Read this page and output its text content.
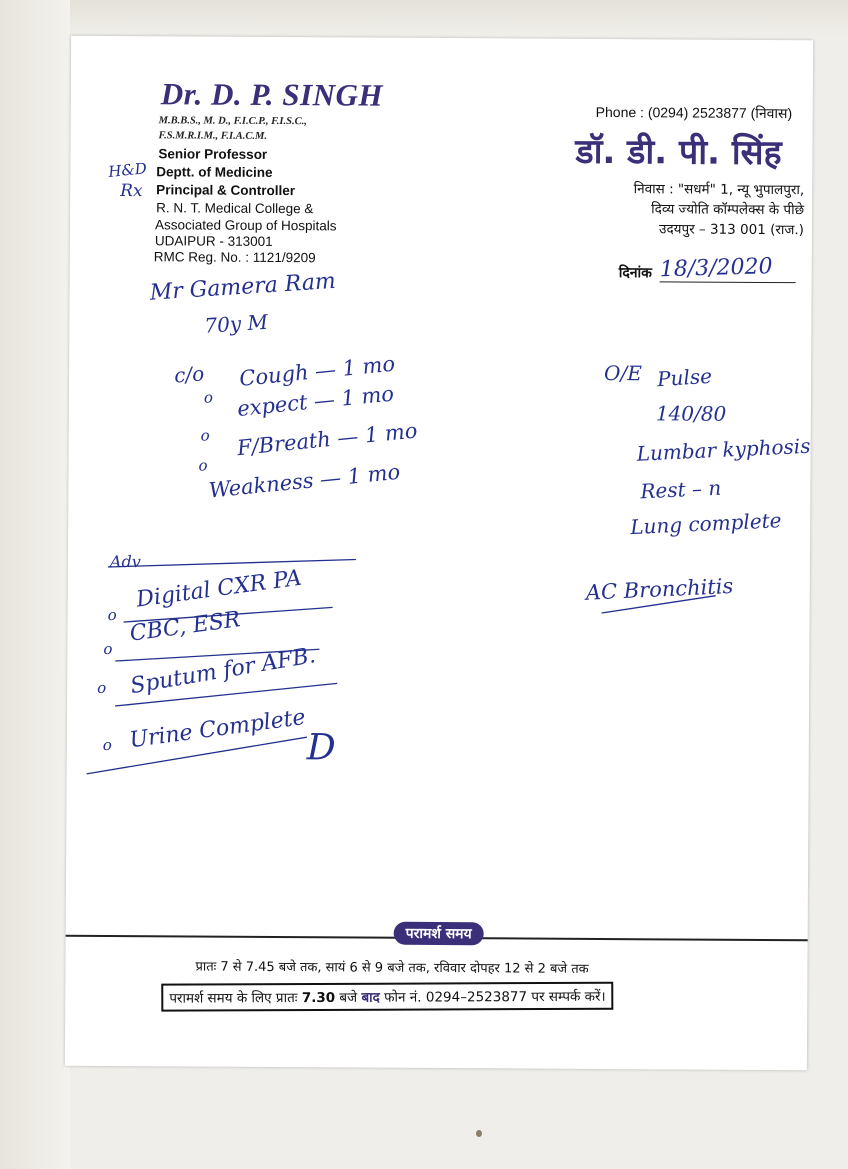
Dr. D. P. SINGH
M.B.B.S., M. D., F.I.C.P., F.I.S.C.,
F.S.M.R.I.M., F.I.A.C.M.
Senior Professor
Deptt. of Medicine
Principal & Controller
R. N. T. Medical College &
Associated Group of Hospitals
UDAIPUR - 313001
RMC Reg. No. : 1121/9209
Phone : (0294) 2523877 (निवास)
डॉ. डी. पी. सिंह
निवास : "सधर्म" 1, न्यू भुपालपुरा,
दिव्य ज्योति कॉम्पलेक्स के पीछे
उदयपुर – 313 001 (राज.)
दिनांक
H&D
Rx
18/3/2020
Mr Gamera Ram
70y M
c/o Cough — 1 mo
o expect — 1 mo
o F/Breath — 1 mo
o Weakness — 1 mo
O/E Pulse
140/80
Lumbar kyphosis
Rest – n
Lung complete
AC Bronchitis
Adv
o
Digital CXR PA
o
CBC, ESR
o Sputum for AFB.
o Urine Complete D
परामर्श समय
प्रातः 7 से 7.45 बजे तक, सायं 6 से 9 बजे तक, रविवार दोपहर 12 से 2 बजे तक
परामर्श समय के लिए प्रातः 7.30 बजे बाद फोन नं. 0294–2523877 पर सम्पर्क करें।
